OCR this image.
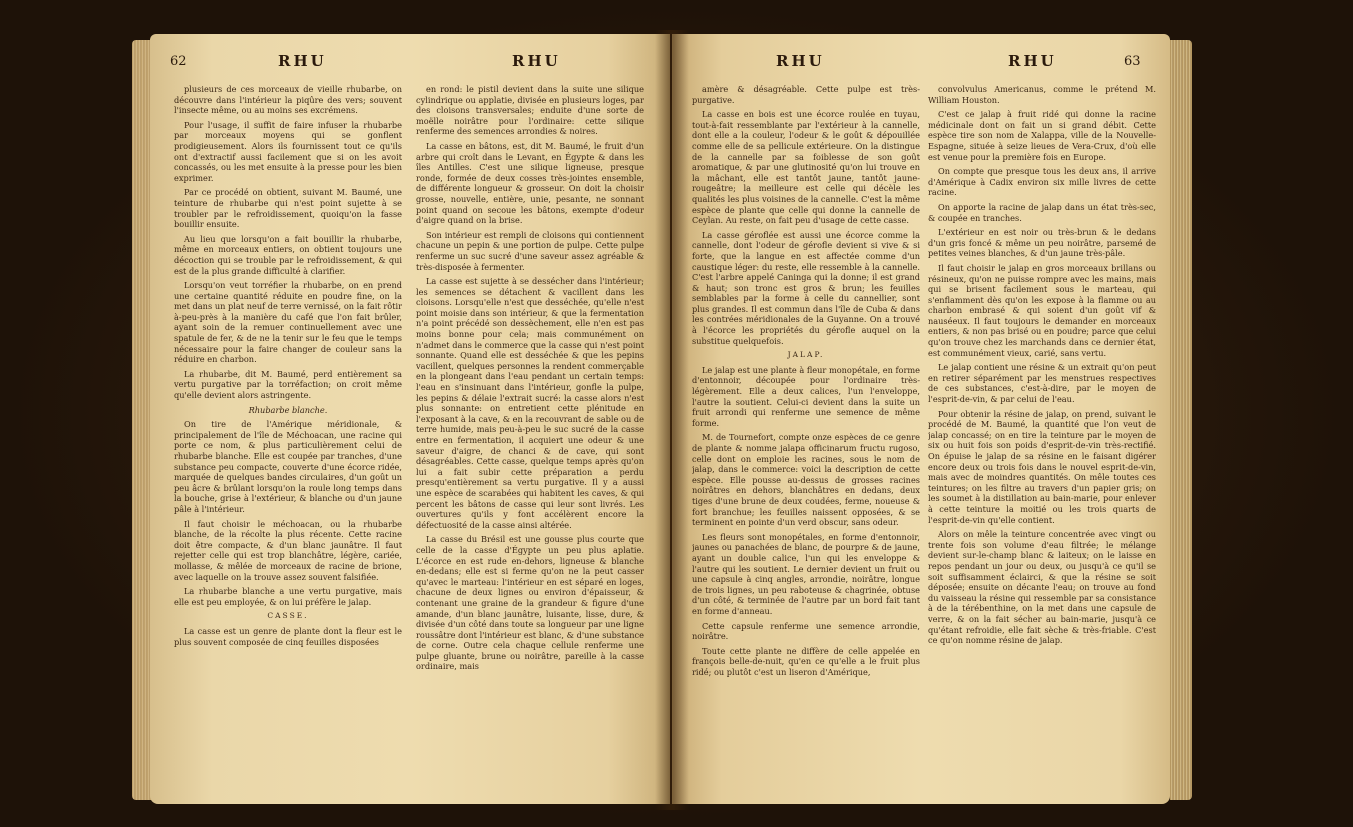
62	RHU	RHU

plusieurs de ces morceaux de vieille rhubarbe, on découvre dans l'intérieur la piqûre des vers; souvent l'insecte même, ou au moins ses excrémens.

Pour l'usage, il suffit de faire infuser la rhubarbe par morceaux moyens qui se gonflent prodigieusement. Alors ils fournissent tout ce qu'ils ont d'extractif aussi facilement que si on les avoit concassés, ou les met ensuite à la presse pour les bien exprimer.

Par ce procédé on obtient, suivant M. Baumé, une teinture de rhubarbe qui n'est point sujette à se troubler par le refroidissement, quoiqu'on la fasse bouillir ensuite.

Au lieu que lorsqu'on a fait bouillir la rhubarbe, même en morceaux entiers, on obtient toujours une décoction qui se trouble par le refroidissement, & qui est de la plus grande difficulté à clarifier.

Lorsqu'on veut torréfier la rhubarbe, on en prend une certaine quantité réduite en poudre fine, on la met dans un plat neuf de terre vernissé, on la fait rôtir à-peu-près à la manière du café que l'on fait brûler, ayant soin de la remuer continuellement avec une spatule de fer, & de ne la tenir sur le feu que le temps nécessaire pour la faire changer de couleur sans la réduire en charbon.

La rhubarbe, dit M. Baumé, perd entièrement sa vertu purgative par la torréfaction; on croit même qu'elle devient alors astringente.

Rhubarbe blanche.

On tire de l'Amérique méridionale, & principalement de l'île de Méchoacan, une racine qui porte ce nom, & plus particulièrement celui de rhubarbe blanche. Elle est coupée par tranches, d'une substance peu compacte, couverte d'une écorce ridée, marquée de quelques bandes circulaires, d'un goût un peu âcre & brûlant lorsqu'on la roule long temps dans la bouche, grise à l'extérieur, & blanche ou d'un jaune pâle à l'intérieur.

Il faut choisir le méchoacan, ou la rhubarbe blanche, de la récolte la plus récente. Cette racine doit être compacte, & d'un blanc jaunâtre. Il faut rejetter celle qui est trop blanchâtre, légère, cariée, mollasse, & mêlée de morceaux de racine de brione, avec laquelle on la trouve assez souvent falsifiée.

La rhubarbe blanche a une vertu purgative, mais elle est peu employée, & on lui préfère le jalap.

CASSE.

La casse est un genre de plante dont la fleur est le plus souvent composée de cinq feuilles disposées

en rond: le pistil devient dans la suite une silique cylindrique ou applatie, divisée en plusieurs loges, par des cloisons transversales; enduite d'une sorte de moëlle noirâtre pour l'ordinaire: cette silique renferme des semences arrondies & noires.

La casse en bâtons, est, dit M. Baumé, le fruit d'un arbre qui croît dans le Levant, en Égypte & dans les îles Antilles. C'est une silique ligneuse, presque ronde, formée de deux cosses très-jointes ensemble, de différente longueur & grosseur. On doit la choisir grosse, nouvelle, entière, unie, pesante, ne sonnant point quand on secoue les bâtons, exempte d'odeur d'aigre quand on la brise.

Son intérieur est rempli de cloisons qui contiennent chacune un pepin & une portion de pulpe. Cette pulpe renferme un suc sucré d'une saveur assez agréable & très-disposée à fermenter.

La casse est sujette à se dessécher dans l'intérieur; les semences se détachent & vacillent dans les cloisons. Lorsqu'elle n'est que desséchée, qu'elle n'est point moisie dans son intérieur, & que la fermentation n'a point précédé son dessèchement, elle n'en est pas moins bonne pour cela; mais communément on n'admet dans le commerce que la casse qui n'est point sonnante. Quand elle est desséchée & que les pepins vacillent, quelques personnes la rendent commerçable en la plongeant dans l'eau pendant un certain temps: l'eau en s'insinuant dans l'intérieur, gonfle la pulpe, les pepins & délaie l'extrait sucré: la casse alors n'est plus sonnante: on entretient cette plénitude en l'exposant à la cave, & en la recouvrant de sable ou de terre humide, mais peu-à-peu le suc sucré de la casse entre en fermentation, il acquiert une odeur & une saveur d'aigre, de chanci & de cave, qui sont désagréables. Cette casse, quelque temps après qu'on lui a fait subir cette préparation a perdu presqu'entièrement sa vertu purgative. Il y a aussi une espèce de scarabées qui habitent les caves, & qui percent les bâtons de casse qui leur sont livrés. Les ouvertures qu'ils y font accélèrent encore la défectuosité de la casse ainsi altérée.

La casse du Brésil est une gousse plus courte que celle de la casse d'Égypte un peu plus aplatie. L'écorce en est rude en-dehors, ligneuse & blanche en-dedans; elle est si ferme qu'on ne la peut casser qu'avec le marteau: l'intérieur en est séparé en loges, chacune de deux lignes ou environ d'épaisseur, & contenant une graine de la grandeur & figure d'une amande, d'un blanc jaunâtre, luisante, lisse, dure, & divisée d'un côté dans toute sa longueur par une ligne roussâtre dont l'intérieur est blanc, & d'une substance de corne. Outre cela chaque cellule renferme une pulpe gluante, brune ou noirâtre, pareille à la casse ordinaire, mais

RHU	RHU	63

amère & désagréable. Cette pulpe est très-purgative.

La casse en bois est une écorce roulée en tuyau, tout-à-fait ressemblante par l'extérieur à la cannelle, dont elle a la couleur, l'odeur & le goût & dépouillée comme elle de sa pellicule extérieure. On la distingue de la cannelle par sa foiblesse de son goût aromatique, & par une glutinosité qu'on lui trouve en la mâchant, elle est tantôt jaune, tantôt jaune-rougeâtre; la meilleure est celle qui décèle les qualités les plus voisines de la cannelle. C'est la même espèce de plante que celle qui donne la cannelle de Ceylan. Au reste, on fait peu d'usage de cette casse.

La casse géroflée est aussi une écorce comme la cannelle, dont l'odeur de gérofle devient si vive & si forte, que la langue en est affectée comme d'un caustique léger: du reste, elle ressemble à la cannelle. C'est l'arbre appelé Caninga qui la donne; il est grand & haut; son tronc est gros & brun; les feuilles semblables par la forme à celle du cannellier, sont plus grandes. Il est commun dans l'île de Cuba & dans les contrées méridionales de la Guyanne. On a trouvé à l'écorce les propriétés du gérofle auquel on la substitue quelquefois.

JALAP.

Le jalap est une plante à fleur monopétale, en forme d'entonnoir, découpée pour l'ordinaire très-légèrement. Elle a deux calices, l'un l'enveloppe, l'autre la soutient. Celui-ci devient dans la suite un fruit arrondi qui renferme une semence de même forme.

M. de Tournefort, compte onze espèces de ce genre de plante & nomme jalapa officinarum fructu rugoso, celle dont on emploie les racines, sous le nom de jalap, dans le commerce: voici la description de cette espèce. Elle pousse au-dessus de grosses racines noirâtres en dehors, blanchâtres en dedans, deux tiges d'une brune de deux coudées, ferme, noueuse & fort branchue; les feuilles naissent opposées, & se terminent en pointe d'un verd obscur, sans odeur.

Les fleurs sont monopétales, en forme d'entonnoir, jaunes ou panachées de blanc, de pourpre & de jaune, ayant un double calice, l'un qui les enveloppe & l'autre qui les soutient. Le dernier devient un fruit ou une capsule à cinq angles, arrondie, noirâtre, longue de trois lignes, un peu raboteuse & chagrinée, obtuse d'un côté, & terminée de l'autre par un bord fait tant en forme d'anneau.

Cette capsule renferme une semence arrondie, noirâtre.

Toute cette plante ne diffère de celle appelée en françois belle-de-nuit, qu'en ce qu'elle a le fruit plus ridé; ou plutôt c'est un liseron d'Amérique,

convolvulus Americanus, comme le prétend M. William Houston.

C'est ce jalap à fruit ridé qui donne la racine médicinale dont on fait un si grand débit. Cette espèce tire son nom de Xalappa, ville de la Nouvelle-Espagne, située à seize lieues de Vera-Crux, d'où elle est venue pour la première fois en Europe.

On compte que presque tous les deux ans, il arrive d'Amérique à Cadix environ six mille livres de cette racine.

On apporte la racine de jalap dans un état très-sec, & coupée en tranches.

L'extérieur en est noir ou très-brun & le dedans d'un gris foncé & même un peu noirâtre, parsemé de petites veines blanches, & d'un jaune très-pâle.

Il faut choisir le jalap en gros morceaux brillans ou résineux, qu'on ne puisse rompre avec les mains, mais qui se brisent facilement sous le marteau, qui s'enflamment dès qu'on les expose à la flamme ou au charbon embrasé & qui soient d'un goût vif & nauséeux. Il faut toujours le demander en morceaux entiers, & non pas brisé ou en poudre; parce que celui qu'on trouve chez les marchands dans ce dernier état, est communément vieux, carié, sans vertu.

Le jalap contient une résine & un extrait qu'on peut en retirer séparément par les menstrues respectives de ces substances, c'est-à-dire, par le moyen de l'esprit-de-vin, & par celui de l'eau.

Pour obtenir la résine de jalap, on prend, suivant le procédé de M. Baumé, la quantité que l'on veut de jalap concassé; on en tire la teinture par le moyen de six ou huit fois son poids d'esprit-de-vin très-rectifié. On épuise le jalap de sa résine en le faisant digérer encore deux ou trois fois dans le nouvel esprit-de-vin, mais avec de moindres quantités. On mêle toutes ces teintures; on les filtre au travers d'un papier gris; on les soumet à la distillation au bain-marie, pour enlever à cette teinture la moitié ou les trois quarts de l'esprit-de-vin qu'elle contient.

Alors on mêle la teinture concentrée avec vingt ou trente fois son volume d'eau filtrée; le mélange devient sur-le-champ blanc & laiteux; on le laisse en repos pendant un jour ou deux, ou jusqu'à ce qu'il se soit suffisamment éclairci, & que la résine se soit déposée; ensuite on décante l'eau; on trouve au fond du vaisseau la résine qui ressemble par sa consistance à de la térébenthine, on la met dans une capsule de verre, & on la fait sécher au bain-marie, jusqu'à ce qu'étant refroidie, elle fait sèche & très-friable. C'est ce qu'on nomme résine de jalap.
